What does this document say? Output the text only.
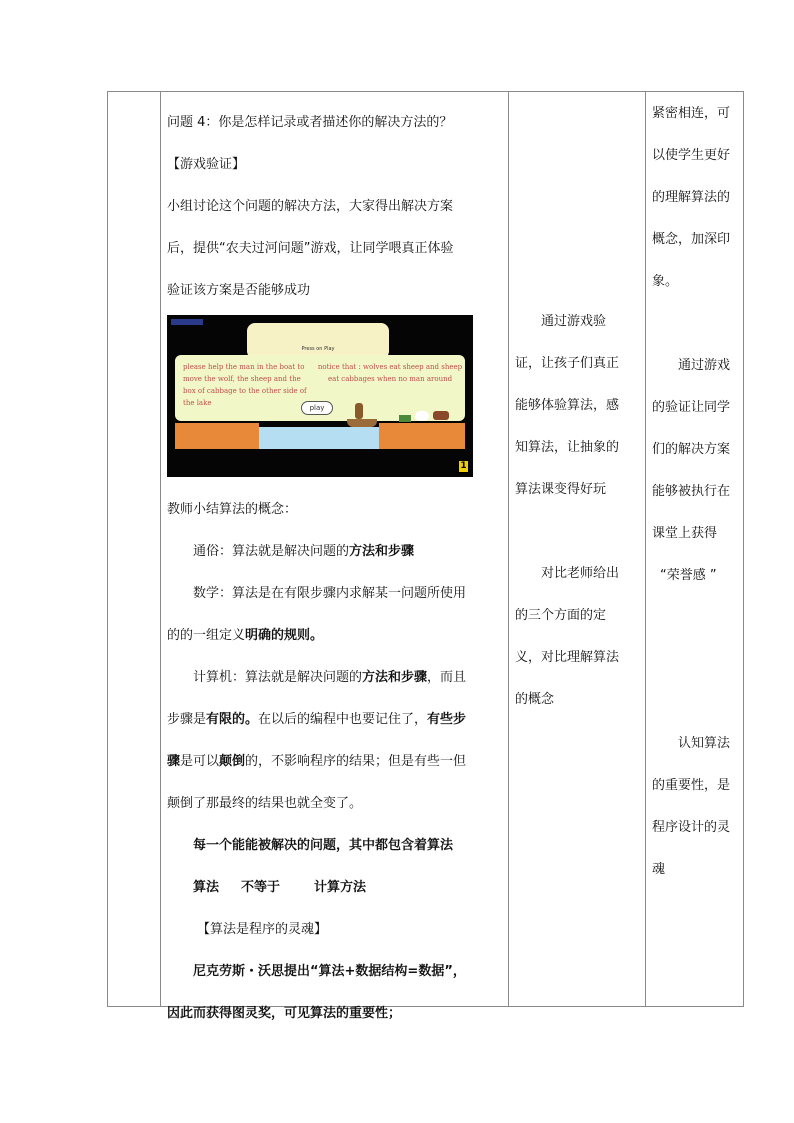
问题 4：你是怎样记录或者描述你的解决方法的？
【游戏验证】
小组讨论这个问题的解决方法，大家得出解决方案
后，提供“农夫过河问题”游戏，让同学喂真正体验
验证该方案是否能够成功
Press on Play
please help the man in the boat to move the wolf, the sheep and the box of cabbage to the other side of the lake
notice that : wolves eat sheep and sheep eat cabbages when no man around
play
1
教师小结算法的概念：
通俗：算法就是解决问题的方法和步骤
数学：算法是在有限步骤内求解某一问题所使用
的的一组定义明确的规则。
计算机：算法就是解决问题的方法和步骤，而且
步骤是有限的。在以后的编程中也要记住了，有些步
骤是可以颠倒的，不影响程序的结果；但是有些一但
颠倒了那最终的结果也就全变了。
每一个能能被解决的问题，其中都包含着算法
算法 不等于	计算方法
【算法是程序的灵魂】
尼克劳斯・沃思提出“算法+数据结构=数据”，
因此而获得图灵奖，可见算法的重要性；
通过游戏验
证，让孩子们真正
能够体验算法，感
知算法，让抽象的
算法课变得好玩
对比老师给出
的三个方面的定
义，对比理解算法
的概念
紧密相连，可
以使学生更好
的理解算法的
概念，加深印
象。
通过游戏
的验证让同学
们的解决方案
能够被执行在
课堂上获得
“荣誉感 ”
认知算法
的重要性，是
程序设计的灵
魂
